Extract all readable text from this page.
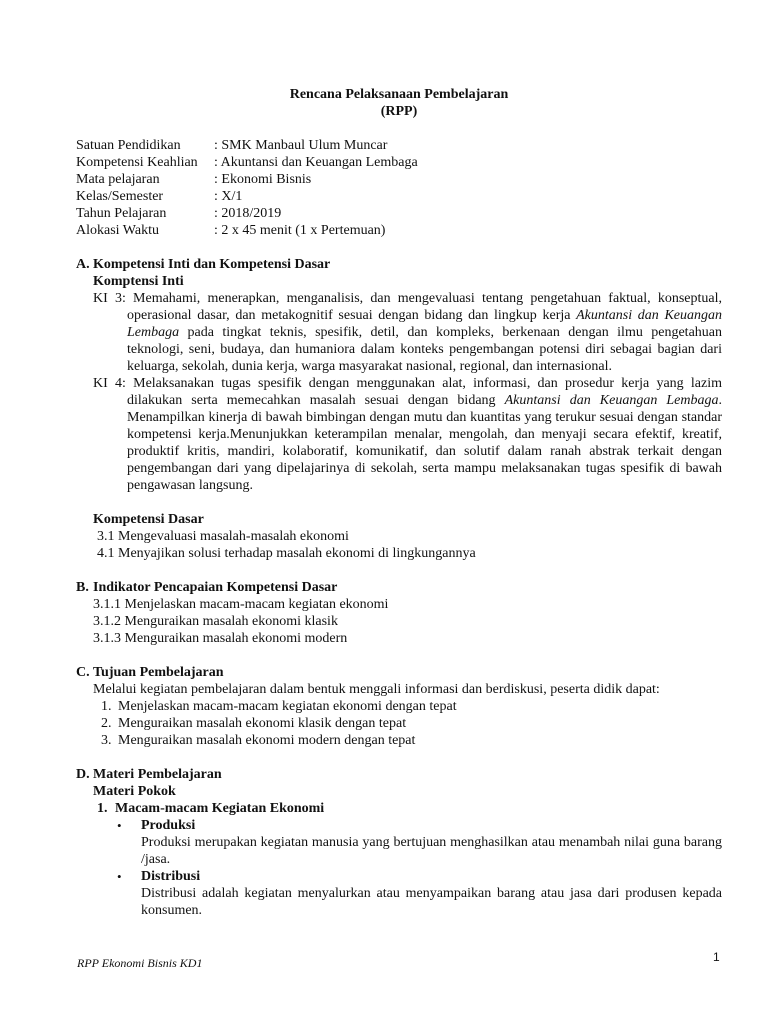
Rencana Pelaksanaan Pembelajaran
(RPP)
Satuan Pendidikan	: SMK Manbaul Ulum Muncar
Kompetensi Keahlian	: Akuntansi dan Keuangan Lembaga
Mata pelajaran	: Ekonomi Bisnis
Kelas/Semester	: X/1
Tahun Pelajaran	: 2018/2019
Alokasi Waktu	: 2 x 45 menit (1 x Pertemuan)
A. Kompetensi Inti dan Kompetensi Dasar
Komptensi Inti
KI 3: Memahami, menerapkan, menganalisis, dan mengevaluasi tentang pengetahuan faktual, konseptual, operasional dasar, dan metakognitif sesuai dengan bidang dan lingkup kerja Akuntansi dan Keuangan Lembaga pada tingkat teknis, spesifik, detil, dan kompleks, berkenaan dengan ilmu pengetahuan teknologi, seni, budaya, dan humaniora dalam konteks pengembangan potensi diri sebagai bagian dari keluarga, sekolah, dunia kerja, warga masyarakat nasional, regional, dan internasional.
KI 4: Melaksanakan tugas spesifik dengan menggunakan alat, informasi, dan prosedur kerja yang lazim dilakukan serta memecahkan masalah sesuai dengan bidang Akuntansi dan Keuangan Lembaga. Menampilkan kinerja di bawah bimbingan dengan mutu dan kuantitas yang terukur sesuai dengan standar kompetensi kerja.Menunjukkan keterampilan menalar, mengolah, dan menyaji secara efektif, kreatif, produktif kritis, mandiri, kolaboratif, komunikatif, dan solutif dalam ranah abstrak terkait dengan pengembangan dari yang dipelajarinya di sekolah, serta mampu melaksanakan tugas spesifik di bawah pengawasan langsung.
Kompetensi Dasar
3.1 Mengevaluasi masalah-masalah ekonomi
4.1 Menyajikan solusi terhadap masalah ekonomi di lingkungannya
B. Indikator Pencapaian Kompetensi Dasar
3.1.1 Menjelaskan macam-macam kegiatan ekonomi
3.1.2 Menguraikan masalah ekonomi klasik
3.1.3 Menguraikan masalah ekonomi modern
C. Tujuan Pembelajaran
Melalui kegiatan pembelajaran dalam bentuk menggali informasi dan berdiskusi, peserta didik dapat:
1. Menjelaskan macam-macam kegiatan ekonomi dengan tepat
2. Menguraikan masalah ekonomi klasik dengan tepat
3. Menguraikan masalah ekonomi modern dengan tepat
D. Materi Pembelajaran
Materi Pokok
1. Macam-macam Kegiatan Ekonomi
•	Produksi
Produksi merupakan kegiatan manusia yang bertujuan menghasilkan atau menambah nilai guna barang /jasa.
•	Distribusi
Distribusi adalah kegiatan menyalurkan atau menyampaikan barang atau jasa dari produsen kepada konsumen.
RPP Ekonomi Bisnis KD1	1
